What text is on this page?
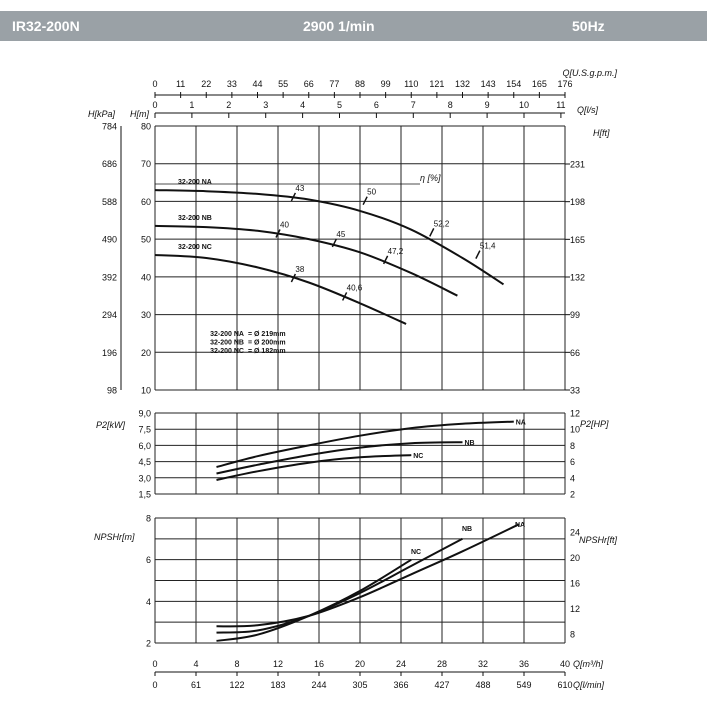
IR32-200N	2900 1/min	50Hz
0 11 22 33 44 55 66 77 88 99 110 121 132 143 154 165 176
0	1	2	3	4	5	6	7	8	9	10	11
Q[U.S.g.p.m.]
Q[l/s]
H[kPa] H[m]
784
686
588
490
392
294
196
98
80
70
60
50
40
30
20
10
H[ft]
231
198
165
132
99
66
33
32-200 NA
32-200 NB
32-200 NC
η [%]
43	50
52,2
51,4
40
45
47,2
38
40,6
32-200 NA = Ø 219mm
32-200 NB = Ø 200mm
32-200 NC = Ø 182mm
P2[kW]
9,0
7,5
6,0
4,5
3,0
1,5
P2[HP]
12
10
8
6
4
2
NA
NB
NC
NPSHr[m]
8
6
4
2
NPSHr[ft]
24
20
16
12
8
NA
NB
NC
0	4	8	12	16	20	24	28	32	36	40
0	61	122	183	244	305	366	427	488	549	610
Q[m³/h]
Q[l/min]
